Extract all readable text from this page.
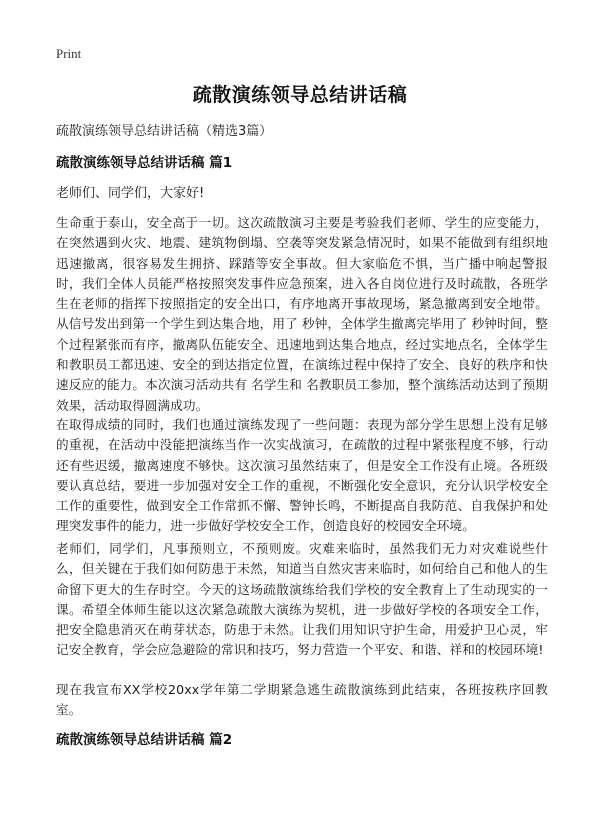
Print
疏散演练领导总结讲话稿
疏散演练领导总结讲话稿（精选3篇）
疏散演练领导总结讲话稿 篇1
老师们、同学们，大家好!

生命重于泰山，安全高于一切。这次疏散演习主要是考验我们老师、学生的应变能力，在突然遇到火灾、地震、建筑物倒塌、空袭等突发紧急情况时，如果不能做到有组织地迅速撤离，很容易发生拥挤、踩踏等安全事故。但大家临危不惧，当广播中响起警报时，我们全体人员能严格按照突发事件应急预案，进入各自岗位进行及时疏散，各班学生在老师的指挥下按照指定的安全出口，有序地离开事故现场，紧急撤离到安全地带。从信号发出到第一个学生到达集合地，用了 秒钟，全体学生撤离完毕用了 秒钟时间，整个过程紧张而有序，撤离队伍能安全、迅速地到达集合地点，经过实地点名，全体学生和教职员工都迅速、安全的到达指定位置，在演练过程中保持了安全、良好的秩序和快速反应的能力。本次演习活动共有 名学生和 名教职员工参加，整个演练活动达到了预期效果，活动取得圆满成功。

在取得成绩的同时，我们也通过演练发现了一些问题：表现为部分学生思想上没有足够的重视，在活动中没能把演练当作一次实战演习，在疏散的过程中紧张程度不够，行动还有些迟缓，撤离速度不够快。这次演习虽然结束了，但是安全工作没有止境。各班级要认真总结，要进一步加强对安全工作的重视，不断强化安全意识，充分认识学校安全工作的重要性，做到安全工作常抓不懈、警钟长鸣，不断提高自我防范、自我保护和处理突发事件的能力，进一步做好学校安全工作，创造良好的校园安全环境。

老师们，同学们，凡事预则立，不预则废。灾难来临时，虽然我们无力对灾难说些什么，但关键在于我们如何防患于未然，知道当自然灾害来临时，如何给自己和他人的生命留下更大的生存时空。今天的这场疏散演练给我们学校的安全教育上了生动现实的一课。希望全体师生能以这次紧急疏散大演练为契机，进一步做好学校的各项安全工作，把安全隐患消灭在萌芽状态，防患于未然。让我们用知识守护生命，用爱护卫心灵，牢记安全教育，学会应急避险的常识和技巧，努力营造一个平安、和谐、祥和的校园环境!

现在我宣布XX学校20xx学年第二学期紧急逃生疏散演练到此结束，各班按秩序回教室。

疏散演练领导总结讲话稿 篇2
